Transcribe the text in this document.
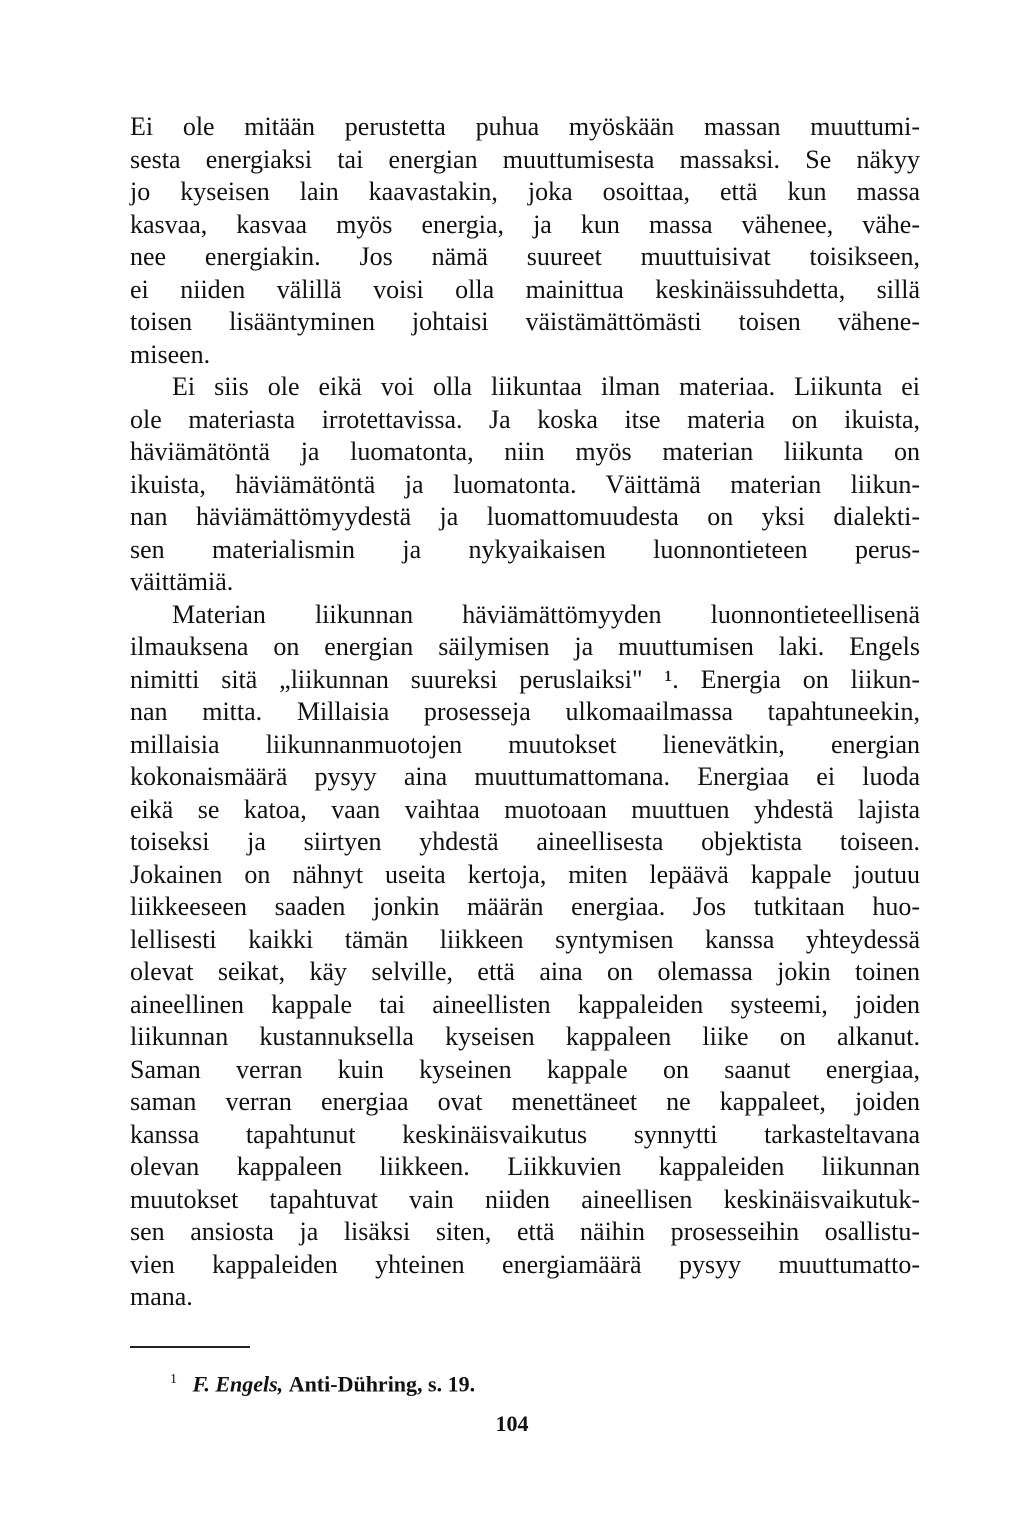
Ei ole mitään perustetta puhua myöskään massan muuttumi-
sesta energiaksi tai energian muuttumisesta massaksi. Se näkyy
jo kyseisen lain kaavastakin, joka osoittaa, että kun massa
kasvaa, kasvaa myös energia, ja kun massa vähenee, vähe-
nee energiakin. Jos nämä suureet muuttuisivat toisikseen,
ei niiden välillä voisi olla mainittua keskinäissuhdetta, sillä
toisen lisääntyminen johtaisi väistämättömästi toisen vähene-
miseen.
Ei siis ole eikä voi olla liikuntaa ilman materiaa. Liikunta ei
ole materiasta irrotettavissa. Ja koska itse materia on ikuista,
häviämätöntä ja luomatonta, niin myös materian liikunta on
ikuista, häviämätöntä ja luomatonta. Väittämä materian liikun-
nan häviämättömyydestä ja luomattomuudesta on yksi dialekti-
sen materialismin ja nykyaikaisen luonnontieteen perus-
väittämiä.
Materian liikunnan häviämättömyyden luonnontieteellisenä
ilmauksena on energian säilymisen ja muuttumisen laki. Engels
nimitti sitä „liikunnan suureksi peruslaiksi" ¹. Energia on liikun-
nan mitta. Millaisia prosesseja ulkomaailmassa tapahtuneekin,
millaisia liikunnanmuotojen muutokset lienevätkin, energian
kokonaismäärä pysyy aina muuttumattomana. Energiaa ei luoda
eikä se katoa, vaan vaihtaa muotoaan muuttuen yhdestä lajista
toiseksi ja siirtyen yhdestä aineellisesta objektista toiseen.
Jokainen on nähnyt useita kertoja, miten lepäävä kappale joutuu
liikkeeseen saaden jonkin määrän energiaa. Jos tutkitaan huo-
lellisesti kaikki tämän liikkeen syntymisen kanssa yhteydessä
olevat seikat, käy selville, että aina on olemassa jokin toinen
aineellinen kappale tai aineellisten kappaleiden systeemi, joiden
liikunnan kustannuksella kyseisen kappaleen liike on alkanut.
Saman verran kuin kyseinen kappale on saanut energiaa,
saman verran energiaa ovat menettäneet ne kappaleet, joiden
kanssa tapahtunut keskinäisvaikutus synnytti tarkasteltavana
olevan kappaleen liikkeen. Liikkuvien kappaleiden liikunnan
muutokset tapahtuvat vain niiden aineellisen keskinäisvaikutuk-
sen ansiosta ja lisäksi siten, että näihin prosesseihin osallistu-
vien kappaleiden yhteinen energiamäärä pysyy muuttumatto-
mana.
$^1$ F. Engels, Anti-Dühring, s. 19.
104
